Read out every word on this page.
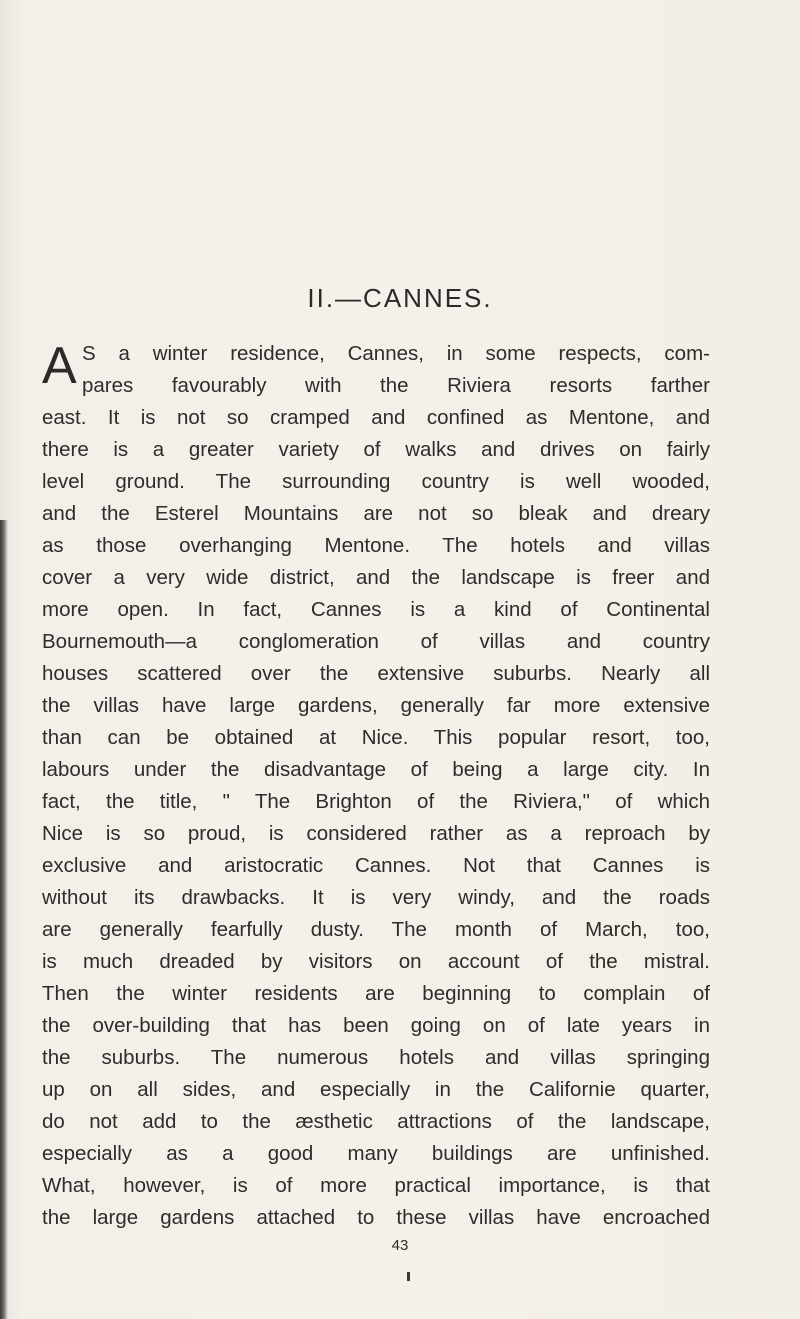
II.—CANNES.
A S a winter residence, Cannes, in some respects, com-
pares favourably with the Riviera resorts farther
east. It is not so cramped and confined as Mentone, and
there is a greater variety of walks and drives on fairly
level ground. The surrounding country is well wooded,
and the Esterel Mountains are not so bleak and dreary
as those overhanging Mentone. The hotels and villas
cover a very wide district, and the landscape is freer and
more open. In fact, Cannes is a kind of Continental
Bournemouth—a conglomeration of villas and country
houses scattered over the extensive suburbs. Nearly all
the villas have large gardens, generally far more extensive
than can be obtained at Nice. This popular resort, too,
labours under the disadvantage of being a large city. In
fact, the title, " The Brighton of the Riviera," of which
Nice is so proud, is considered rather as a reproach by
exclusive and aristocratic Cannes. Not that Cannes is
without its drawbacks. It is very windy, and the roads
are generally fearfully dusty. The month of March, too,
is much dreaded by visitors on account of the mistral.
Then the winter residents are beginning to complain of
the over-building that has been going on of late years in
the suburbs. The numerous hotels and villas springing
up on all sides, and especially in the Californie quarter,
do not add to the æsthetic attractions of the landscape,
especially as a good many buildings are unfinished.
What, however, is of more practical importance, is that
the large gardens attached to these villas have encroached
43
